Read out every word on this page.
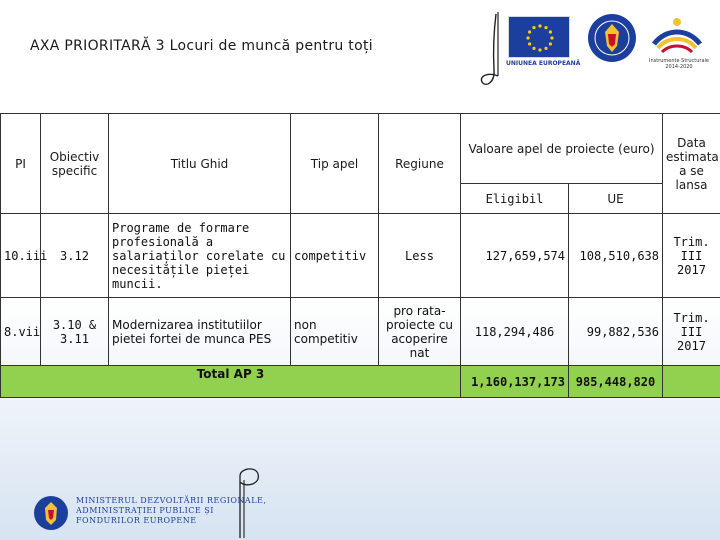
AXA PRIORITARĂ 3 Locuri de muncă pentru toți
UNIUNEA EUROPEANĂ	Instrumente Structurale 2014-2020
PI	Obiectiv specific	Titlu Ghid	Tip apel	Regiune	Valoare apel de proiecte (euro)		Data estimata a se lansa
					Eligibil	UE	
10.iii	3.12	Programe de formare profesională a salariaților corelate cu necesitățile pieței muncii.	competitiv	Less	127,659,574	108,510,638	Trim. III 2017
8.vii	3.10 & 3.11	Modernizarea institutiilor pietei fortei de munca PES	non competitiv	pro rata-proiecte cu acoperire nat	118,294,486	99,882,536	Trim. III 2017
Total AP 3					1,160,137,173	985,448,820	
MINISTERUL DEZVOLTĂRII REGIONALE,
ADMINISTRAȚIEI PUBLICE ȘI
FONDURILOR EUROPENE
